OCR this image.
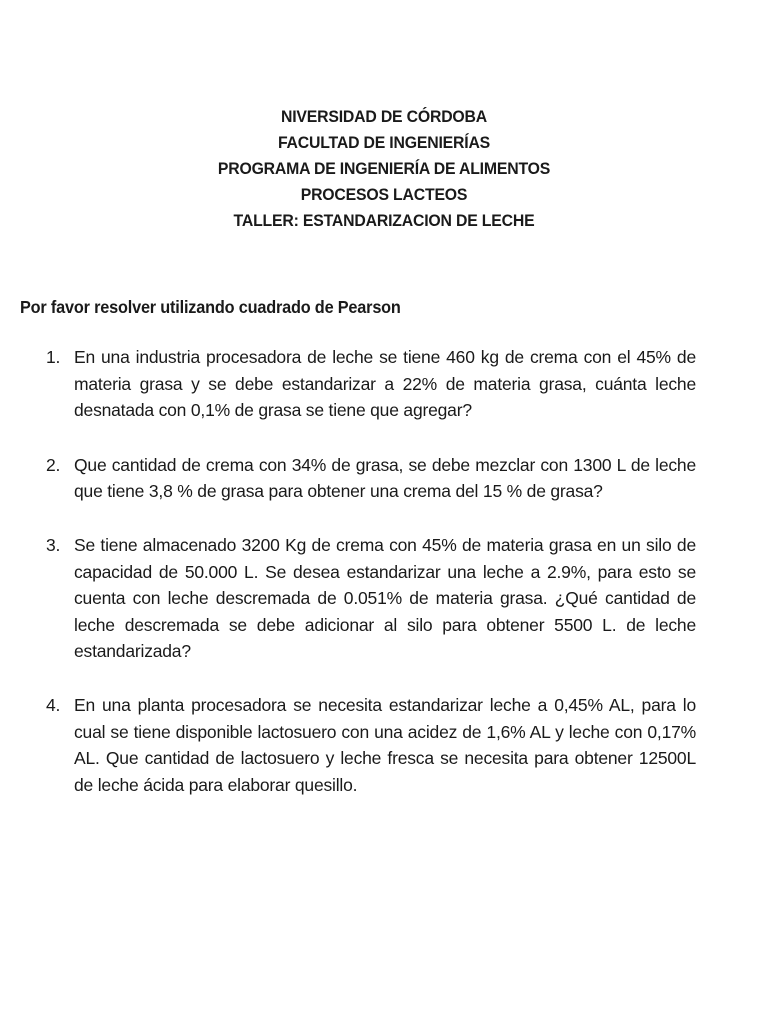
NIVERSIDAD DE CÓRDOBA
FACULTAD DE INGENIERÍAS
PROGRAMA DE INGENIERÍA DE ALIMENTOS
PROCESOS LACTEOS
TALLER: ESTANDARIZACION DE LECHE
Por favor resolver utilizando cuadrado de Pearson
1. En una industria procesadora de leche se tiene 460 kg de crema con el 45% de materia grasa y se debe estandarizar a 22% de materia grasa, cuánta leche desnatada con 0,1% de grasa se tiene que agregar?
2. Que cantidad de crema con 34% de grasa, se debe mezclar con 1300 L de leche que tiene 3,8 % de grasa para obtener una crema del 15 % de grasa?
3. Se tiene almacenado 3200 Kg de crema con 45% de materia grasa en un silo de capacidad de 50.000 L. Se desea estandarizar una leche a 2.9%, para esto se cuenta con leche descremada de 0.051% de materia grasa. ¿Qué cantidad de leche descremada se debe adicionar al silo para obtener 5500 L. de leche estandarizada?
4. En una planta procesadora se necesita estandarizar leche a 0,45% AL, para lo cual se tiene disponible lactosuero con una acidez de 1,6% AL y leche con 0,17% AL. Que cantidad de lactosuero y leche fresca se necesita para obtener 12500L de leche ácida para elaborar quesillo.
